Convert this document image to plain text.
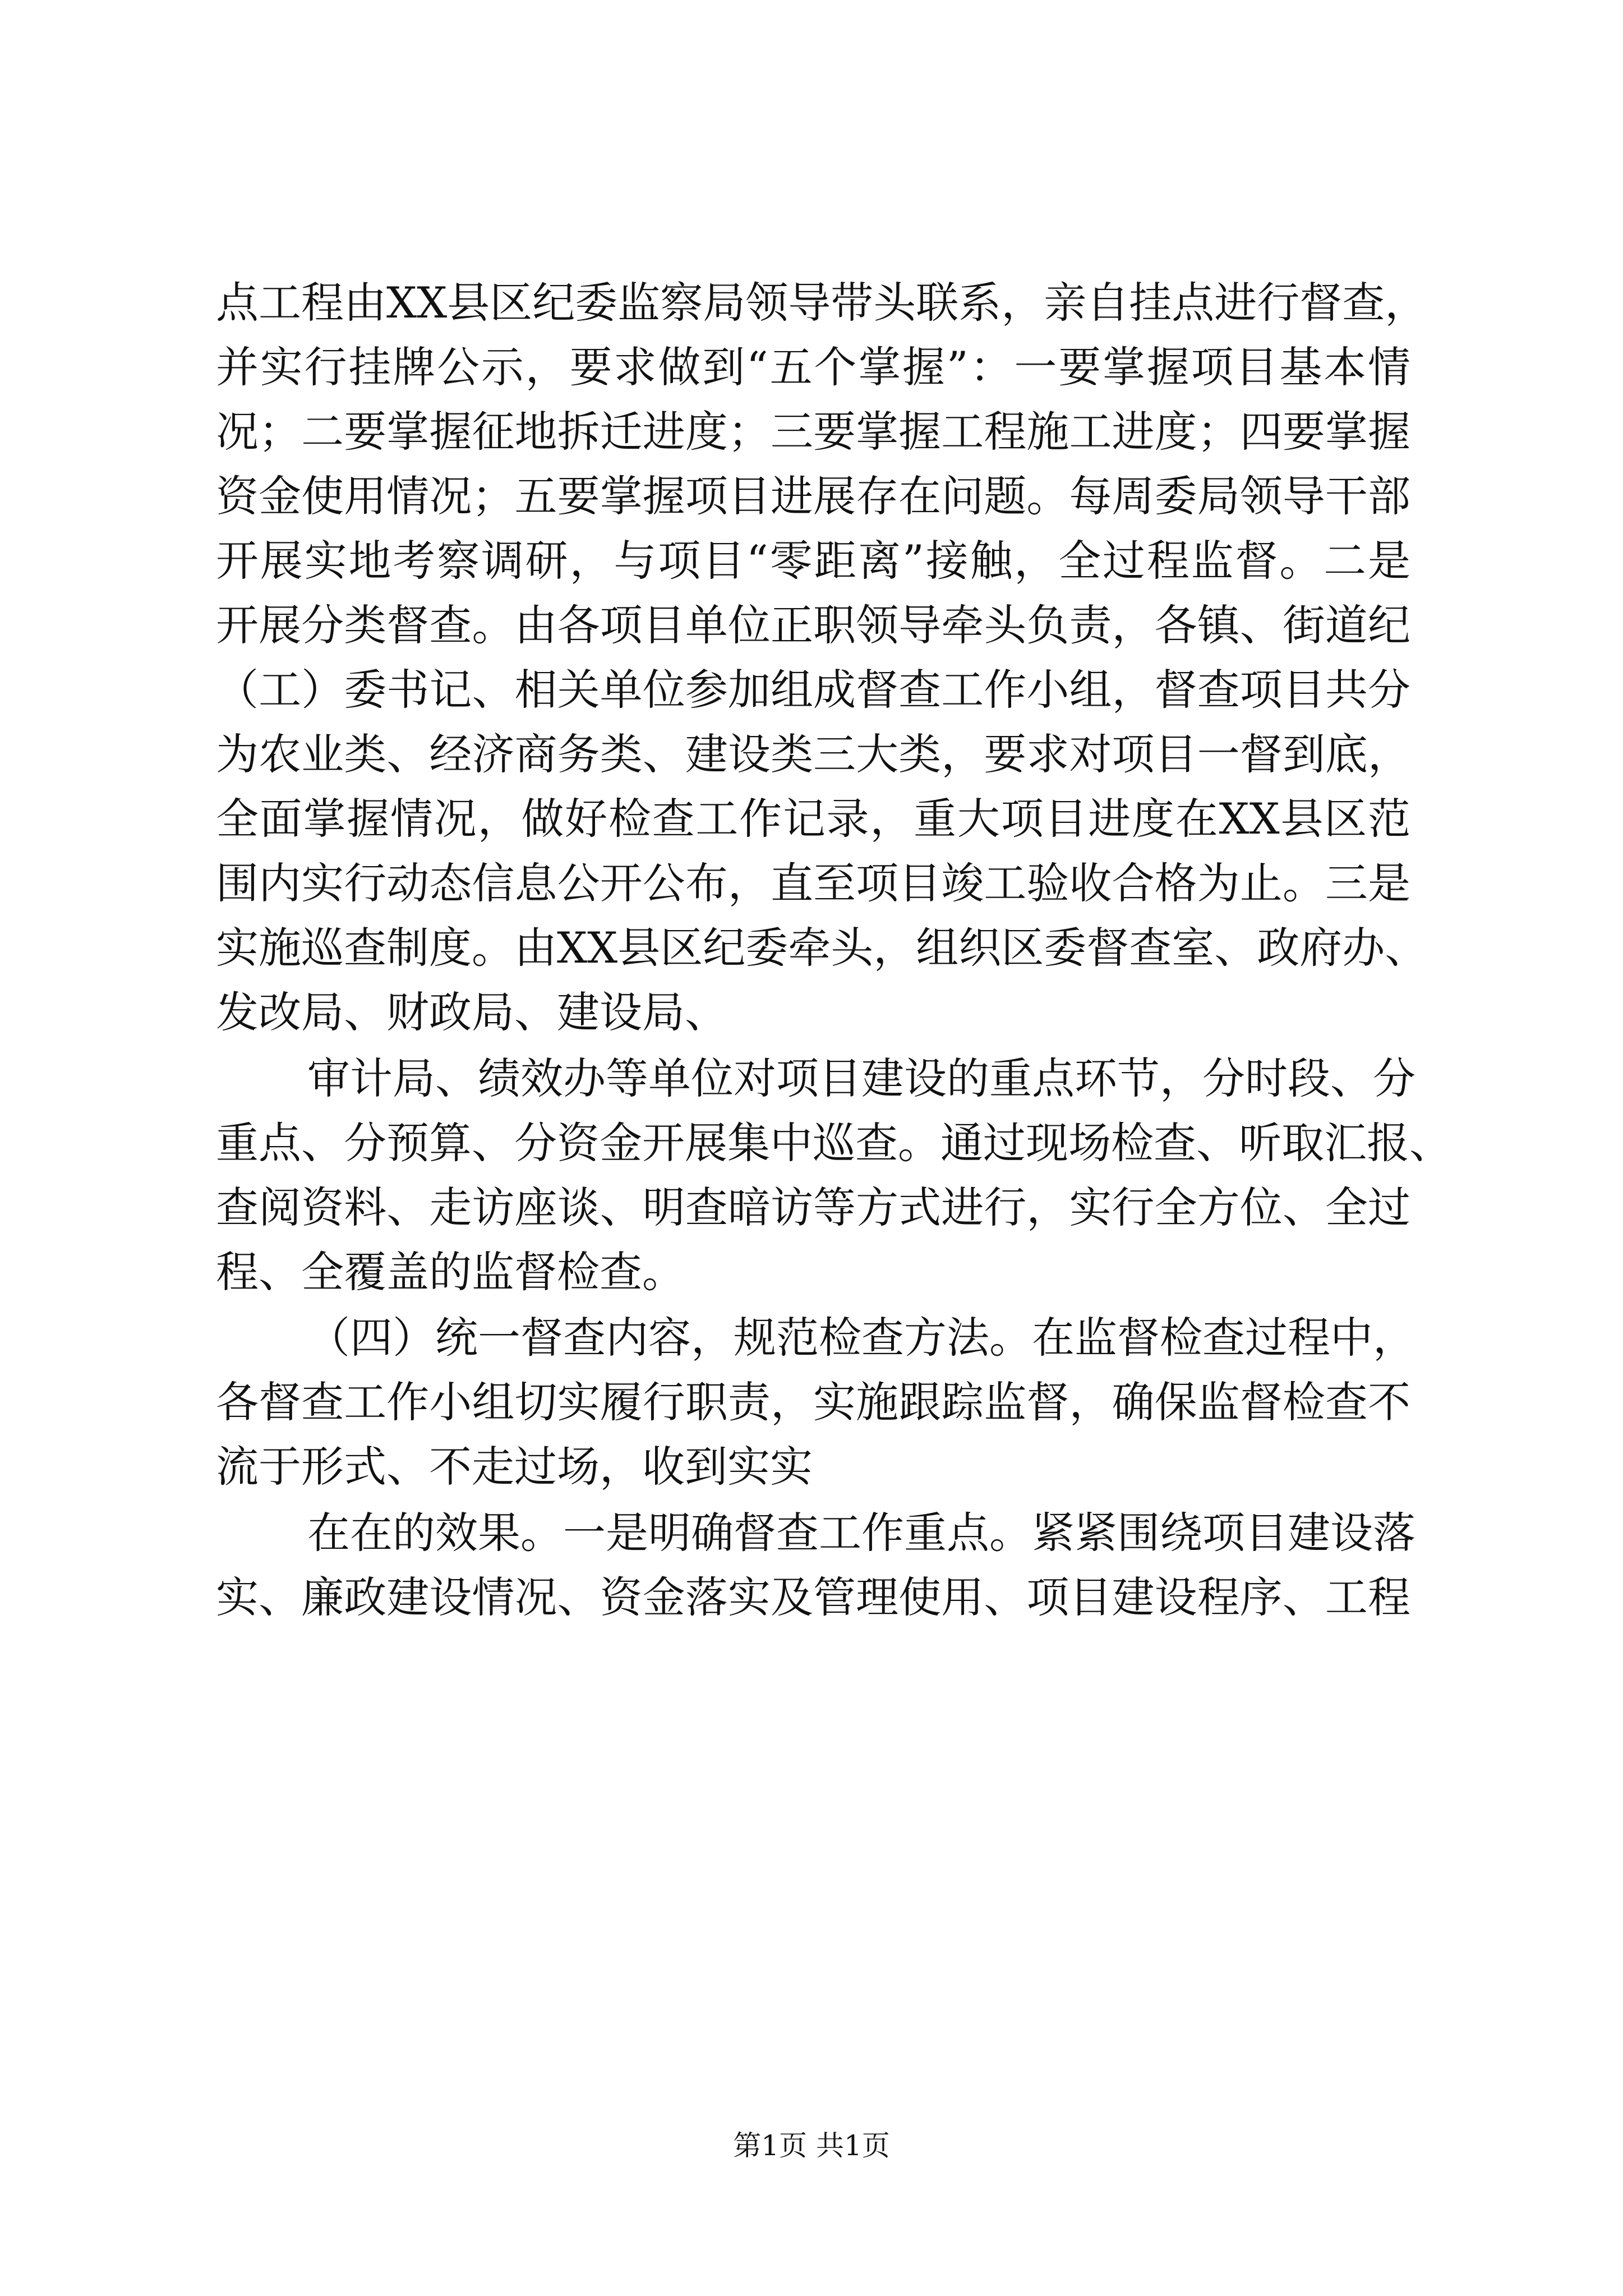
点工程由XX县区纪委监察局领导带头联系，亲自挂点进行督查，
并实行挂牌公示，要求做到“五个掌握”：一要掌握项目基本情
况；二要掌握征地拆迁进度；三要掌握工程施工进度；四要掌握
资金使用情况；五要掌握项目进展存在问题。每周委局领导干部
开展实地考察调研，与项目“零距离”接触，全过程监督。二是
开展分类督查。由各项目单位正职领导牵头负责，各镇、街道纪
（工）委书记、相关单位参加组成督查工作小组，督查项目共分
为农业类、经济商务类、建设类三大类，要求对项目一督到底，
全面掌握情况，做好检查工作记录，重大项目进度在XX县区范
围内实行动态信息公开公布，直至项目竣工验收合格为止。三是
实施巡查制度。由XX县区纪委牵头，组织区委督查室、政府办、
发改局、财政局、建设局、
审计局、绩效办等单位对项目建设的重点环节，分时段、分
重点、分预算、分资金开展集中巡查。通过现场检查、听取汇报、
查阅资料、走访座谈、明查暗访等方式进行，实行全方位、全过
程、全覆盖的监督检查。
（四）统一督查内容，规范检查方法。在监督检查过程中，
各督查工作小组切实履行职责，实施跟踪监督，确保监督检查不
流于形式、不走过场，收到实实
在在的效果。一是明确督查工作重点。紧紧围绕项目建设落
实、廉政建设情况、资金落实及管理使用、项目建设程序、工程
第1页 共1页
